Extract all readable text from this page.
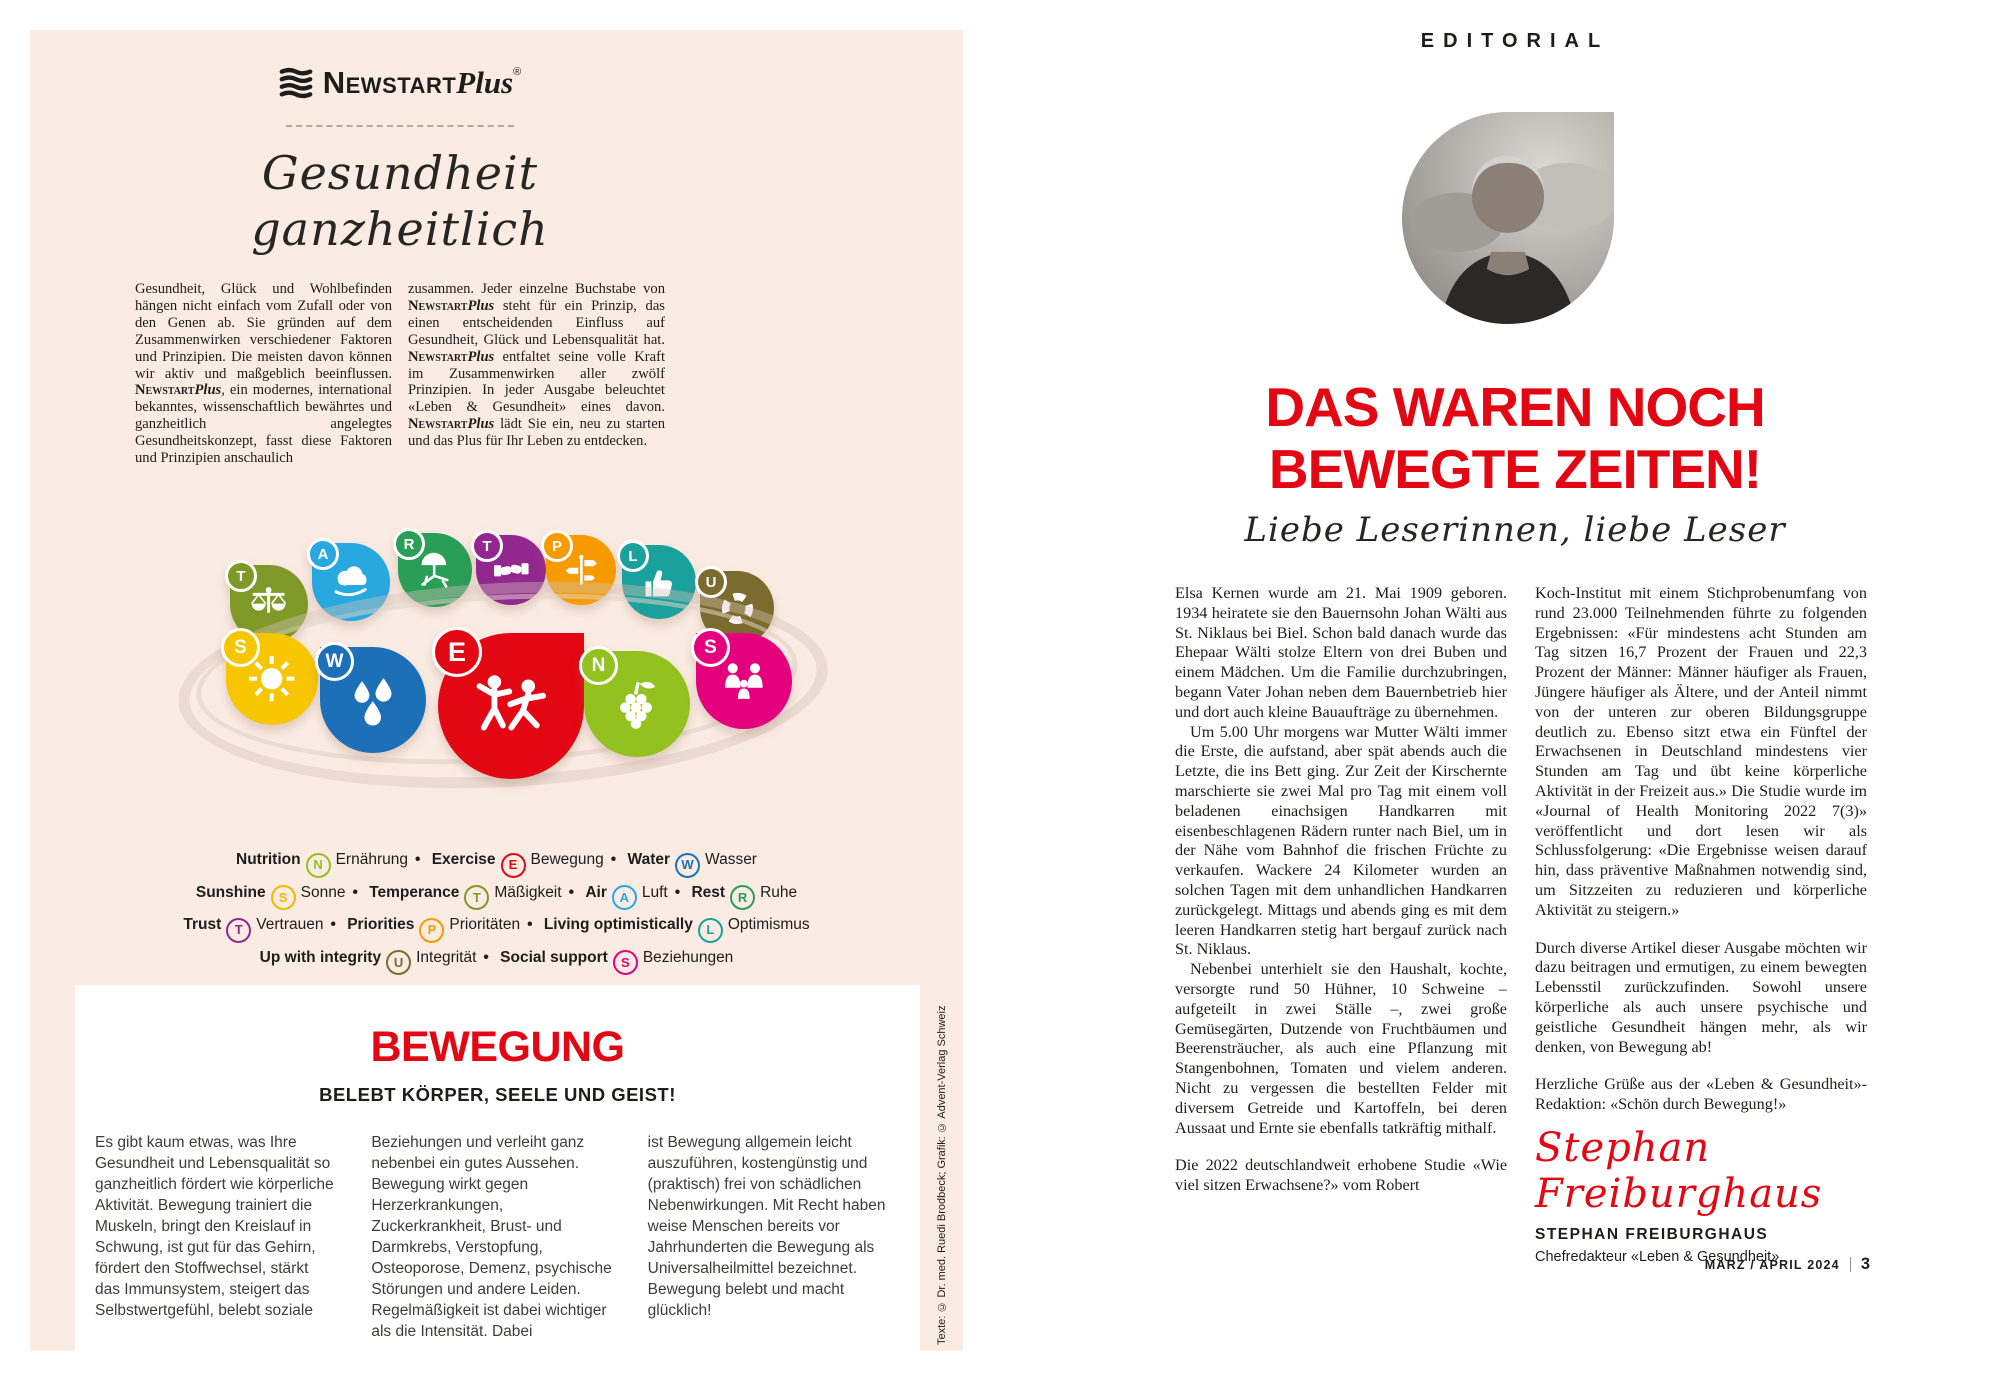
NewstartPlus®
Gesundheit ganzheitlich
Gesundheit, Glück und Wohlbefinden hängen nicht einfach vom Zufall oder von den Genen ab. Sie gründen auf dem Zusammenwirken verschiedener Faktoren und Prinzipien. Die meisten davon können wir aktiv und maßgeblich beeinflussen. NewstartPlus, ein modernes, international bekanntes, wissenschaftlich bewährtes und ganzheitlich angelegtes Gesundheitskonzept, fasst diese Faktoren und Prinzipien anschaulich
zusammen. Jeder einzelne Buchstabe von NewstartPlus steht für ein Prinzip, das einen entscheidenden Einfluss auf Gesundheit, Glück und Lebensqualität hat. NewstartPlus entfaltet seine volle Kraft im Zusammenwirken aller zwölf Prinzipien. In jeder Ausgabe beleuchtet «Leben & Gesundheit» eines davon. NewstartPlus lädt Sie ein, neu zu starten und das Plus für Ihr Leben zu entdecken.
T
A
R	T	P
L
U
S
W	E	N
S
Nutrition N Ernährung • Exercise E Bewegung • Water W Wasser
Sunshine S Sonne • Temperance T Mäßigkeit • Air A Luft • Rest R Ruhe
Trust T Vertrauen • Priorities P Prioritäten • Living optimistically L Optimismus
Up with integrity U Integrität • Social support S Beziehungen
BEWEGUNG
BELEBT KÖRPER, SEELE UND GEIST!
Es gibt kaum etwas, was Ihre Gesundheit und Lebensqualität so ganzheitlich fördert wie körperliche Aktivität. Bewegung trainiert die Muskeln, bringt den Kreislauf in Schwung, ist gut für das Gehirn, fördert den Stoffwechsel, stärkt das Immunsystem, steigert das Selbstwertgefühl, belebt soziale
Beziehungen und verleiht ganz nebenbei ein gutes Aussehen. Bewegung wirkt gegen Herzerkrankungen, Zuckerkrankheit, Brust- und Darmkrebs, Verstopfung, Osteoporose, Demenz, psychische Störungen und andere Leiden. Regelmäßigkeit ist dabei wichtiger als die Intensität. Dabei
ist Bewegung allgemein leicht auszuführen, kostengünstig und (praktisch) frei von schädlichen Nebenwirkungen. Mit Recht haben weise Menschen bereits vor Jahrhunderten die Bewegung als Universalheilmittel bezeichnet. Bewegung belebt und macht glücklich!	Texte: © Dr. med. Ruedi Brodbeck; Grafik: © Advent-Verlag Schweiz
EDITORIAL
DAS WAREN NOCH
BEWEGTE ZEITEN!
Liebe Leserinnen, liebe Leser

Elsa Kernen wurde am 21. Mai 1909 geboren. 1934 heiratete sie den Bauernsohn Johan Wälti aus St. Niklaus bei Biel. Schon bald danach wurde das Ehepaar Wälti stolze Eltern von drei Buben und einem Mädchen. Um die Familie durchzubringen, begann Vater Johan neben dem Bauernbetrieb hier und dort auch kleine Bauaufträge zu übernehmen.

Um 5.00 Uhr morgens war Mutter Wälti immer die Erste, die aufstand, aber spät abends auch die Letzte, die ins Bett ging. Zur Zeit der Kirschernte marschierte sie zwei Mal pro Tag mit einem voll beladenen einachsigen Handkarren mit eisenbeschlagenen Rädern runter nach Biel, um in der Nähe vom Bahnhof die frischen Früchte zu verkaufen. Wackere 24 Kilometer wurden an solchen Tagen mit dem unhandlichen Handkarren zurückgelegt. Mittags und abends ging es mit dem leeren Handkarren stetig hart bergauf zurück nach St. Niklaus.

Nebenbei unterhielt sie den Haushalt, kochte, versorgte rund 50 Hühner, 10 Schweine – aufgeteilt in zwei Ställe –, zwei große Gemüsegärten, Dutzende von Fruchtbäumen und Beerensträucher, als auch eine Pflanzung mit Stangenbohnen, Tomaten und vielem anderen. Nicht zu vergessen die bestellten Felder mit diversem Getreide und Kartoffeln, bei deren Aussaat und Ernte sie ebenfalls tatkräftig mithalf.

Die 2022 deutschlandweit erhobene Studie «Wie viel sitzen Erwachsene?» vom Robert

Koch-Institut mit einem Stichprobenumfang von rund 23.000 Teilnehmenden führte zu folgenden Ergebnissen: «Für mindestens acht Stunden am Tag sitzen 16,7 Prozent der Frauen und 22,3 Prozent der Männer: Männer häufiger als Frauen, Jüngere häufiger als Ältere, und der Anteil nimmt von der unteren zur oberen Bildungsgruppe deutlich zu. Ebenso sitzt etwa ein Fünftel der Erwachsenen in Deutschland mindestens vier Stunden am Tag und übt keine körperliche Aktivität in der Freizeit aus.» Die Studie wurde im «Journal of Health Monitoring 2022 7(3)» veröffentlicht und dort lesen wir als Schlussfolgerung: «Die Ergebnisse weisen darauf hin, dass präventive Maßnahmen notwendig sind, um Sitzzeiten zu reduzieren und körperliche Aktivität zu steigern.»

Durch diverse Artikel dieser Ausgabe möchten wir dazu beitragen und ermutigen, zu einem bewegten Lebensstil zurückzufinden. Sowohl unsere körperliche als auch unsere psychische und geistliche Gesundheit hängen mehr, als wir denken, von Bewegung ab!

Herzliche Grüße aus der «Leben & Gesundheit»-Redaktion: «Schön durch Bewegung!»

Stephan Freiburghaus
STEPHAN FREIBURGHAUS
Chefredakteur «Leben & Gesundheit»
MÄRZ / APRIL 2024 3
